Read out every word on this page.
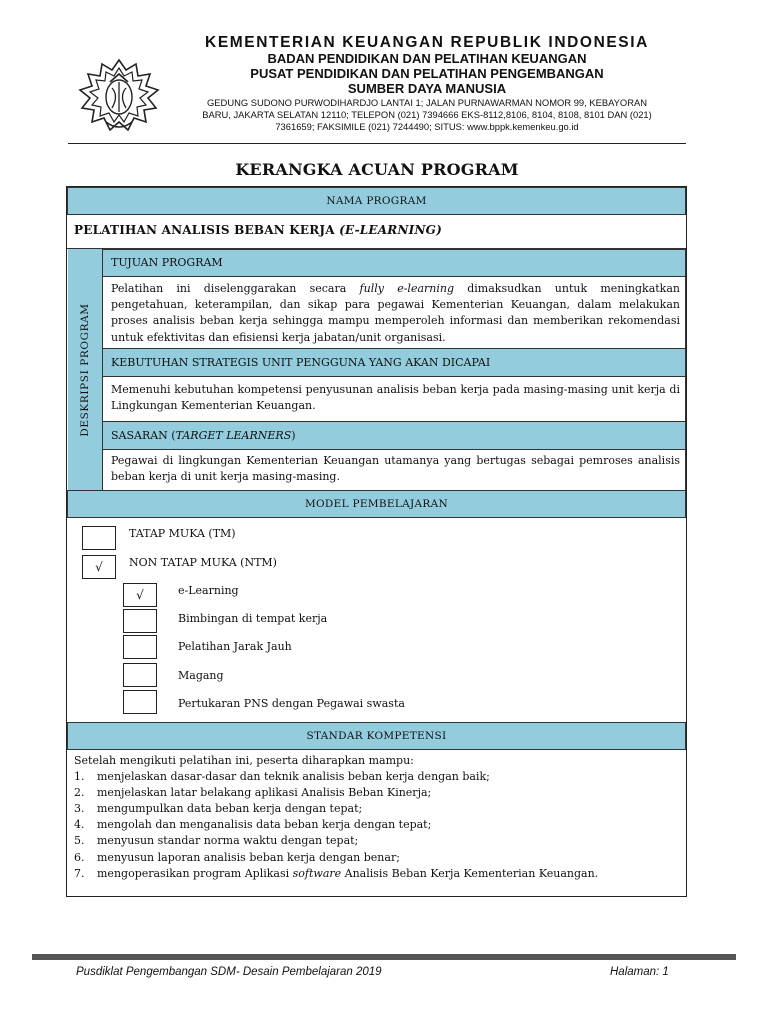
KEMENTERIAN KEUANGAN REPUBLIK INDONESIA
BADAN PENDIDIKAN DAN PELATIHAN KEUANGAN
PUSAT PENDIDIKAN DAN PELATIHAN PENGEMBANGAN
SUMBER DAYA MANUSIA
GEDUNG SUDONO PURWODIHARDJO LANTAI 1; JALAN PURNAWARMAN NOMOR 99, KEBAYORAN
BARU, JAKARTA SELATAN 12110; TELEPON (021) 7394666 EKS-8112,8106, 8104, 8108, 8101 DAN (021)
7361659; FAKSIMILE (021) 7244490; SITUS: www.bppk.kemenkeu.go.id
KERANGKA ACUAN PROGRAM
NAMA PROGRAM
PELATIHAN ANALISIS BEBAN KERJA (E-LEARNING)
DESKRIPSI PROGRAM
TUJUAN PROGRAM
Pelatihan ini diselenggarakan secara fully e-learning dimaksudkan untuk meningkatkan pengetahuan, keterampilan, dan sikap para pegawai Kementerian Keuangan, dalam melakukan proses analisis beban kerja sehingga mampu memperoleh informasi dan memberikan rekomendasi untuk efektivitas dan efisiensi kerja jabatan/unit organisasi.
KEBUTUHAN STRATEGIS UNIT PENGGUNA YANG AKAN DICAPAI
Memenuhi kebutuhan kompetensi penyusunan analisis beban kerja pada masing-masing unit kerja di Lingkungan Kementerian Keuangan.
SASARAN (TARGET LEARNERS)
Pegawai di lingkungan Kementerian Keuangan utamanya yang bertugas sebagai pemroses analisis beban kerja di unit kerja masing-masing.
MODEL PEMBELAJARAN
TATAP MUKA (TM)
√	NON TATAP MUKA (NTM)
√	e-Learning
Bimbingan di tempat kerja
Pelatihan Jarak Jauh
Magang
Pertukaran PNS dengan Pegawai swasta
STANDAR KOMPETENSI
Setelah mengikuti pelatihan ini, peserta diharapkan mampu:
1.	menjelaskan dasar-dasar dan teknik analisis beban kerja dengan baik;
2.	menjelaskan latar belakang aplikasi Analisis Beban Kinerja;
3.	mengumpulkan data beban kerja dengan tepat;
4.	mengolah dan menganalisis data beban kerja dengan tepat;
5.	menyusun standar norma waktu dengan tepat;
6.	menyusun laporan analisis beban kerja dengan benar;
7.	mengoperasikan program Aplikasi software Analisis Beban Kerja Kementerian Keuangan.
Pusdiklat Pengembangan SDM- Desain Pembelajaran 2019	Halaman: 1
